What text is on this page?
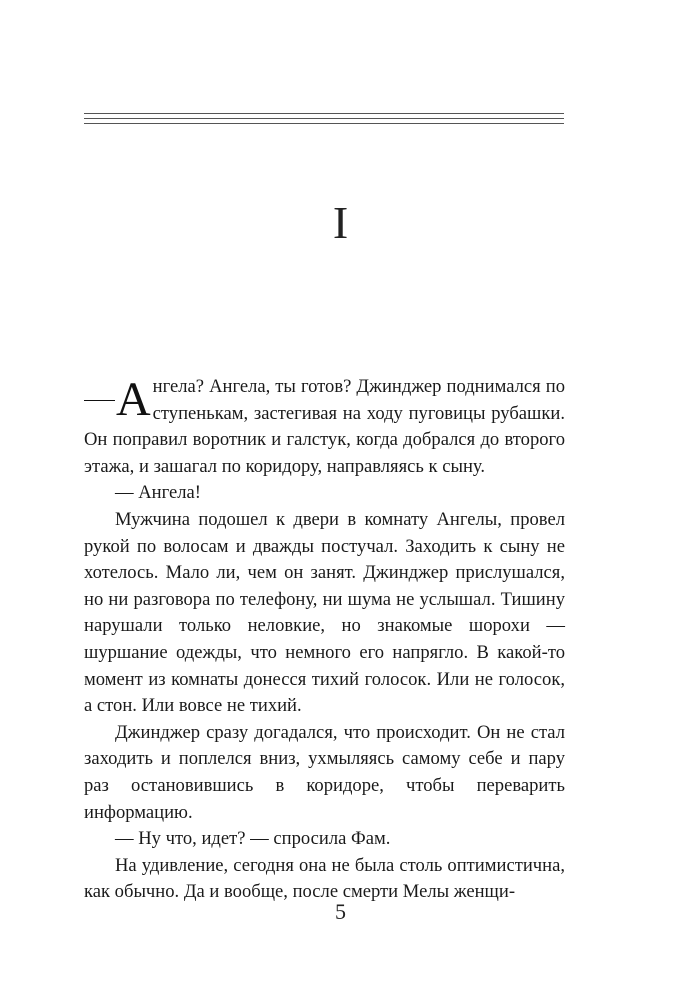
I

А нгела? Ангела, ты готов? Джинджер поднимался по ступенькам, застегивая на ходу пуговицы рубашки. Он поправил воротник и галстук, когда добрался до второго этажа, и зашагал по коридору, направляясь к сыну.

— Ангела!

Мужчина подошел к двери в комнату Ангелы, провел рукой по волосам и дважды постучал. Заходить к сыну не хотелось. Мало ли, чем он занят. Джинджер прислушался, но ни разговора по телефону, ни шума не услышал. Тишину нарушали только неловкие, но знакомые шорохи — шуршание одежды, что немного его напрягло. В какой-то момент из комнаты донесся тихий голосок. Или не голосок, а стон. Или вовсе не тихий.

Джинджер сразу догадался, что происходит. Он не стал заходить и поплелся вниз, ухмыляясь самому себе и пару раз остановившись в коридоре, чтобы переварить информацию.

— Ну что, идет? — спросила Фам.

На удивление, сегодня она не была столь оптимистична, как обычно. Да и вообще, после смерти Мелы женщи-

5
